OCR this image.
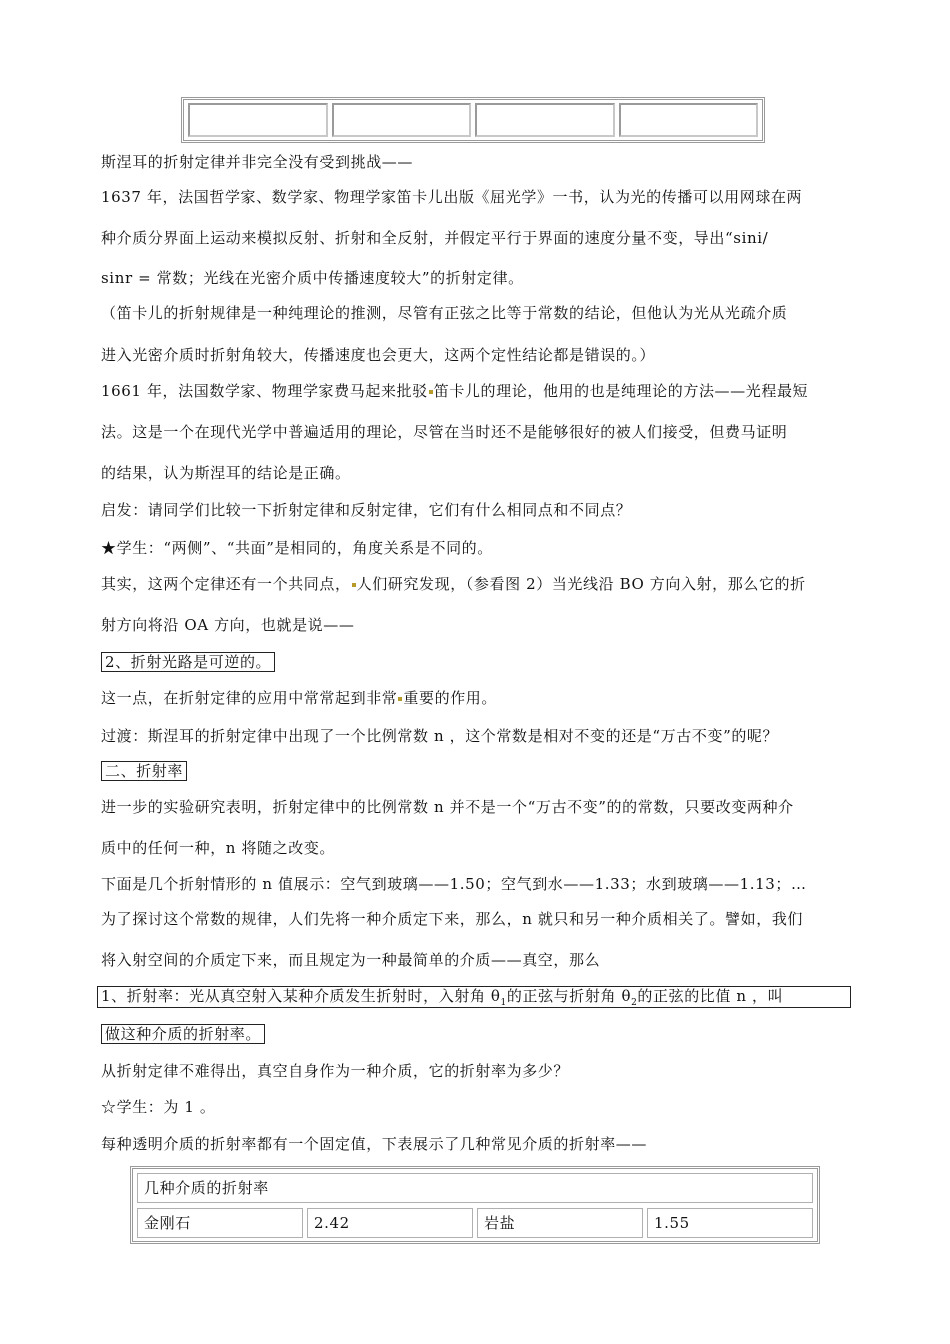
斯涅耳的折射定律并非完全没有受到挑战——
1637 年，法国哲学家、数学家、物理学家笛卡儿出版《屈光学》一书，认为光的传播可以用网球在两
种介质分界面上运动来模拟反射、折射和全反射，并假定平行于界面的速度分量不变，导出“sini/
sinr = 常数；光线在光密介质中传播速度较大”的折射定律。
（笛卡儿的折射规律是一种纯理论的推测，尽管有正弦之比等于常数的结论，但他认为光从光疏介质
进入光密介质时折射角较大，传播速度也会更大，这两个定性结论都是错误的。）
1661 年，法国数学家、物理学家费马起来批驳 笛卡儿的理论，他用的也是纯理论的方法——光程最短
法。这是一个在现代光学中普遍适用的理论，尽管在当时还不是能够很好的被人们接受，但费马证明
的结果，认为斯涅耳的结论是正确。
启发：请同学们比较一下折射定律和反射定律，它们有什么相同点和不同点？
★学生：“两侧”、“共面”是相同的，角度关系是不同的。
其实，这两个定律还有一个共同点， 人们研究发现，（参看图 2）当光线沿 BO 方向入射，那么它的折
射方向将沿 OA 方向，也就是说——
2、折射光路是可逆的。
这一点，在折射定律的应用中常常起到非常 重要的作用。
过渡：斯涅耳的折射定律中出现了一个比例常数 n ，这个常数是相对不变的还是“万古不变”的呢？
二、折射率
进一步的实验研究表明，折射定律中的比例常数 n 并不是一个“万古不变”的的常数，只要改变两种介
质中的任何一种，n 将随之改变。
下面是几个折射情形的 n 值展示：空气到玻璃——1.50；空气到水——1.33；水到玻璃——1.13；…
为了探讨这个常数的规律，人们先将一种介质定下来，那么，n 就只和另一种介质相关了。譬如，我们
将入射空间的介质定下来，而且规定为一种最简单的介质——真空，那么
1、折射率：光从真空射入某种介质发生折射时，入射角 $\theta_1$的正弦与折射角 $\theta_2$的正弦的比值 n ，叫
做这种介质的折射率。
从折射定律不难得出，真空自身作为一种介质，它的折射率为多少？
☆学生：为 1 。
每种透明介质的折射率都有一个固定值，下表展示了几种常见介质的折射率——
几种介质的折射率
金刚石	2.42	岩盐	1.55
